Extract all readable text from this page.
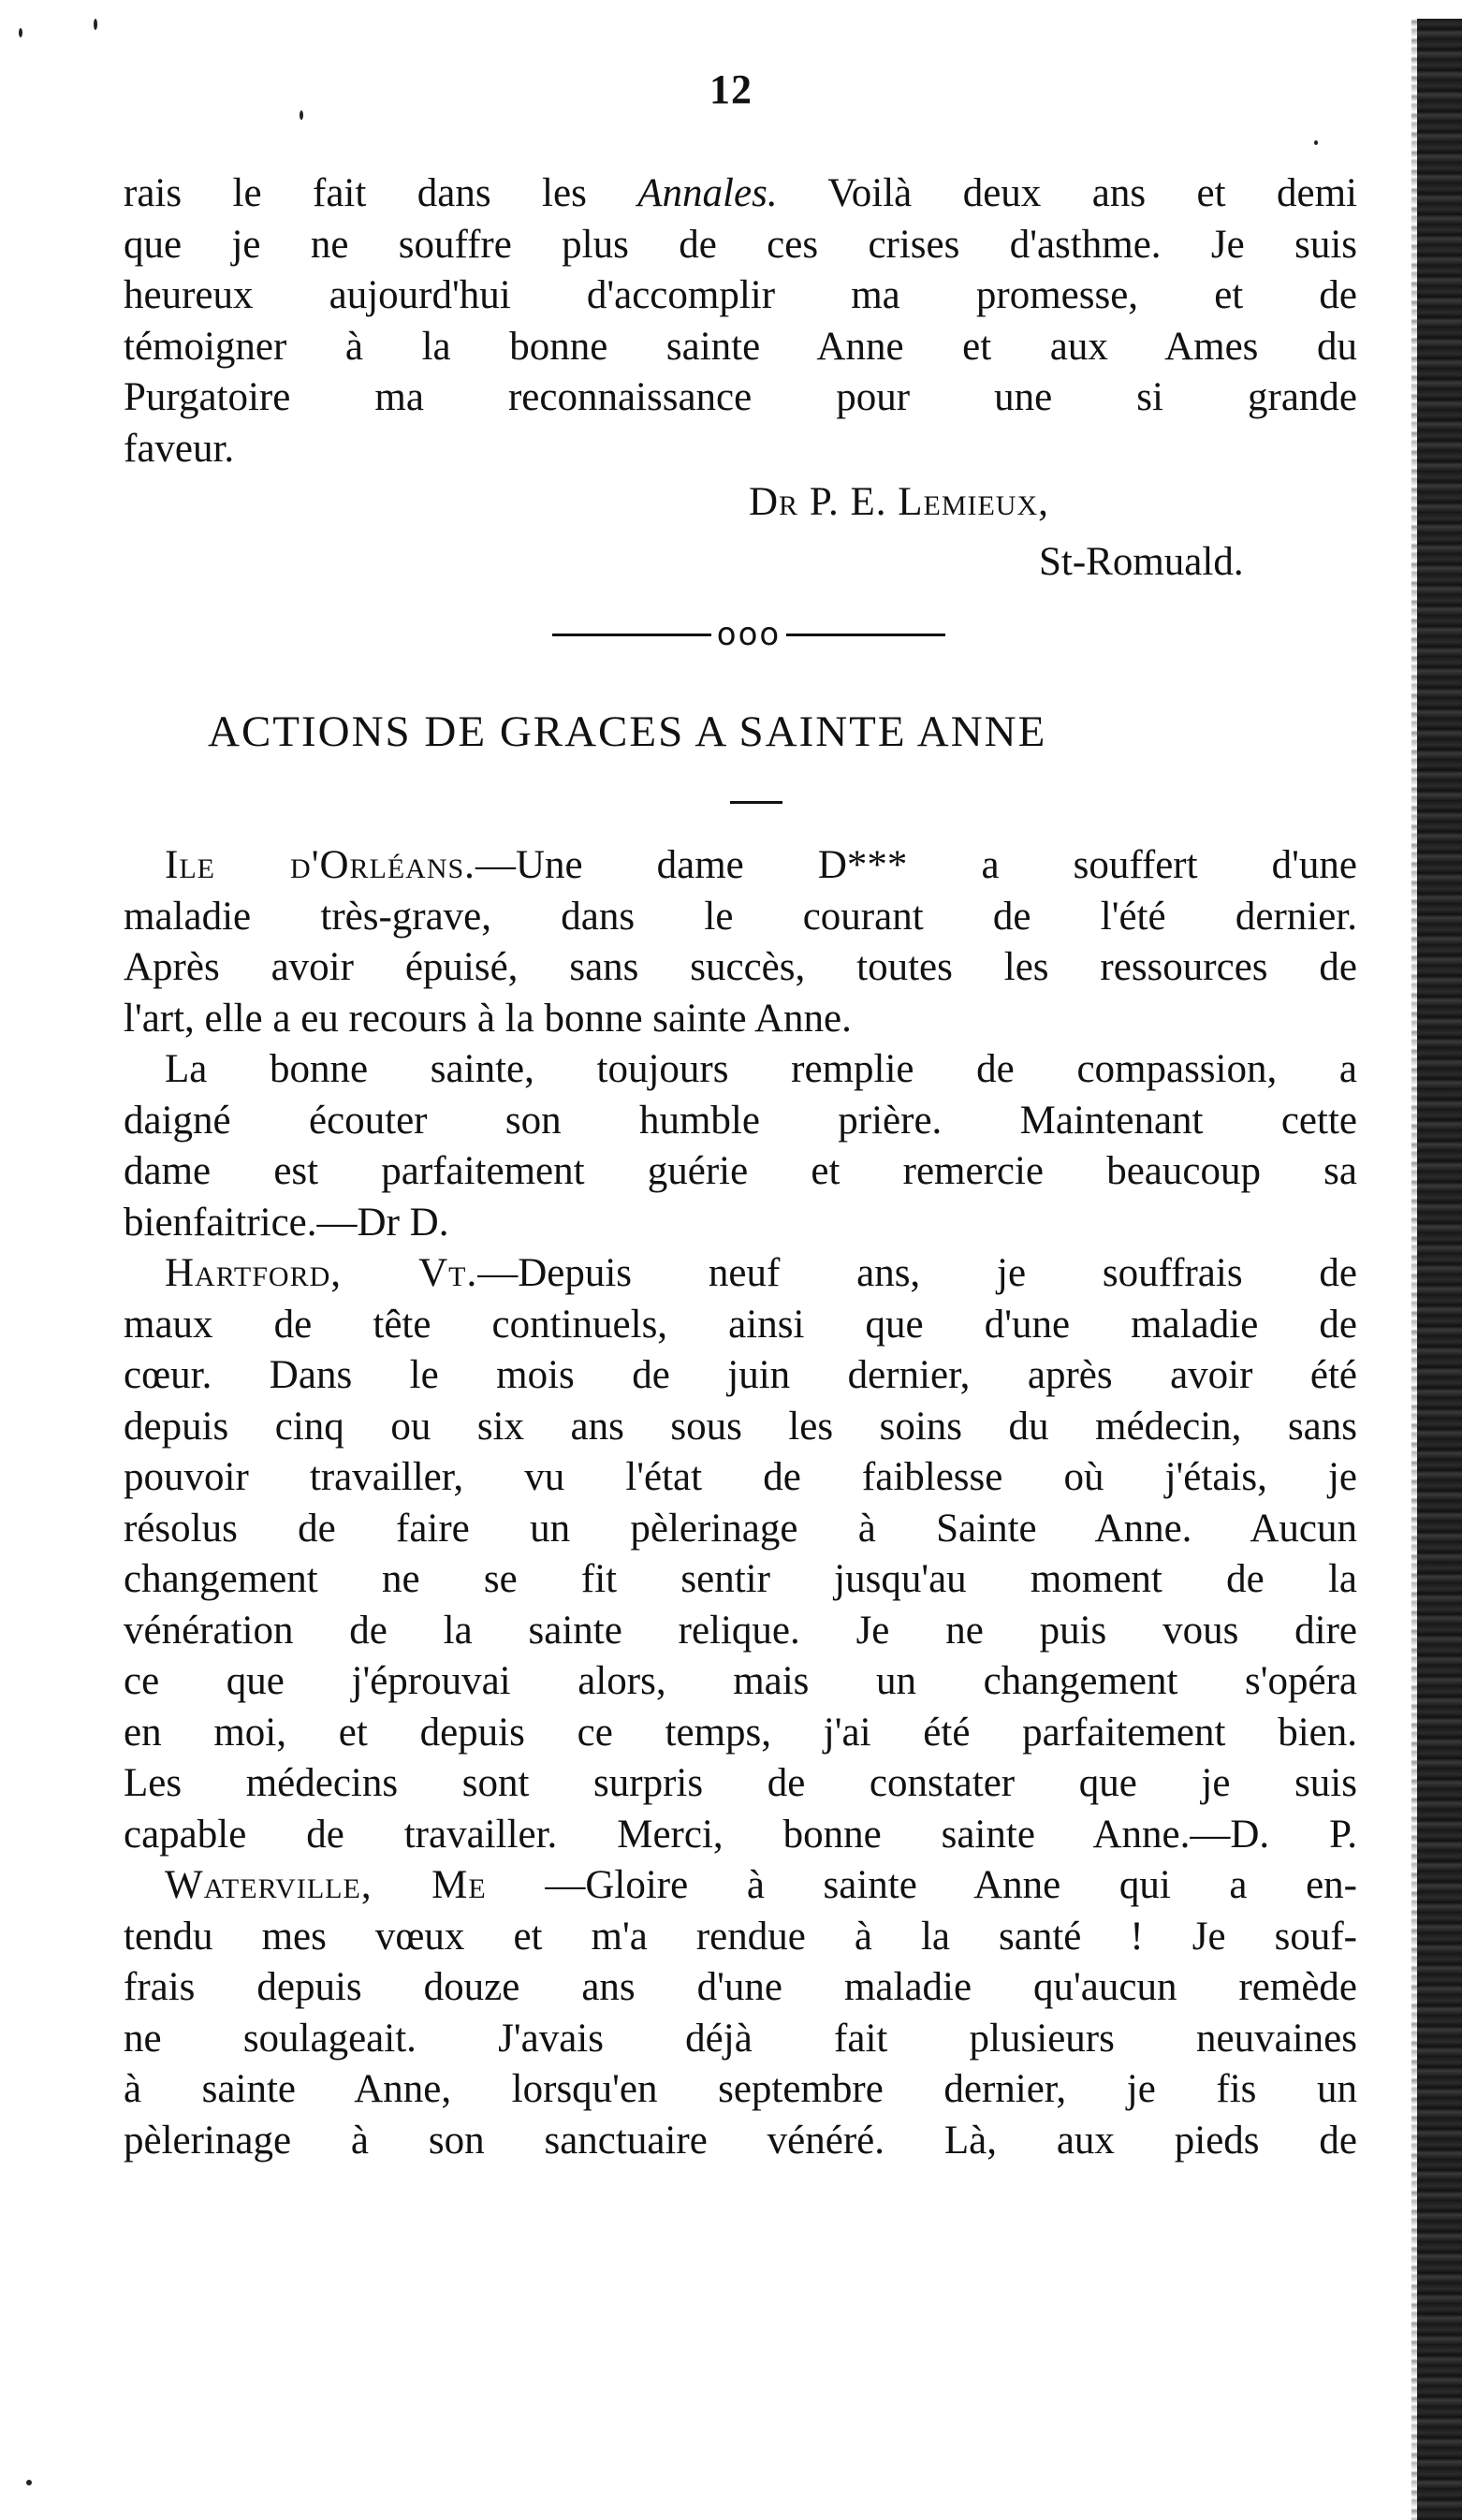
12
rais le fait dans les Annales. Voilà deux ans et demi
que je ne souffre plus de ces crises d'asthme. Je suis
heureux aujourd'hui d'accomplir ma promesse, et de
témoigner à la bonne sainte Anne et aux Ames du
Purgatoire ma reconnaissance pour une si grande
faveur.
Dr P. E. Lemieux,
St-Romuald.
ooo
ACTIONS DE GRACES A SAINTE ANNE
Ile d'Orléans.—Une dame D*** a souffert d'une
maladie très-grave, dans le courant de l'été dernier.
Après avoir épuisé, sans succès, toutes les ressources de
l'art, elle a eu recours à la bonne sainte Anne.
La bonne sainte, toujours remplie de compassion, a
daigné écouter son humble prière. Maintenant cette
dame est parfaitement guérie et remercie beaucoup sa
bienfaitrice.—Dr D.
Hartford, Vt.—Depuis neuf ans, je souffrais de
maux de tête continuels, ainsi que d'une maladie de
cœur. Dans le mois de juin dernier, après avoir été
depuis cinq ou six ans sous les soins du médecin, sans
pouvoir travailler, vu l'état de faiblesse où j'étais, je
résolus de faire un pèlerinage à Sainte Anne. Aucun
changement ne se fit sentir jusqu'au moment de la
vénération de la sainte relique. Je ne puis vous dire
ce que j'éprouvai alors, mais un changement s'opéra
en moi, et depuis ce temps, j'ai été parfaitement bien.
Les médecins sont surpris de constater que je suis
capable de travailler. Merci, bonne sainte Anne.—D. P.
Waterville, Me —Gloire à sainte Anne qui a en-
tendu mes vœux et m'a rendue à la santé ! Je souf-
frais depuis douze ans d'une maladie qu'aucun remède
ne soulageait. J'avais déjà fait plusieurs neuvaines
à sainte Anne, lorsqu'en septembre dernier, je fis un
pèlerinage à son sanctuaire vénéré. Là, aux pieds de
